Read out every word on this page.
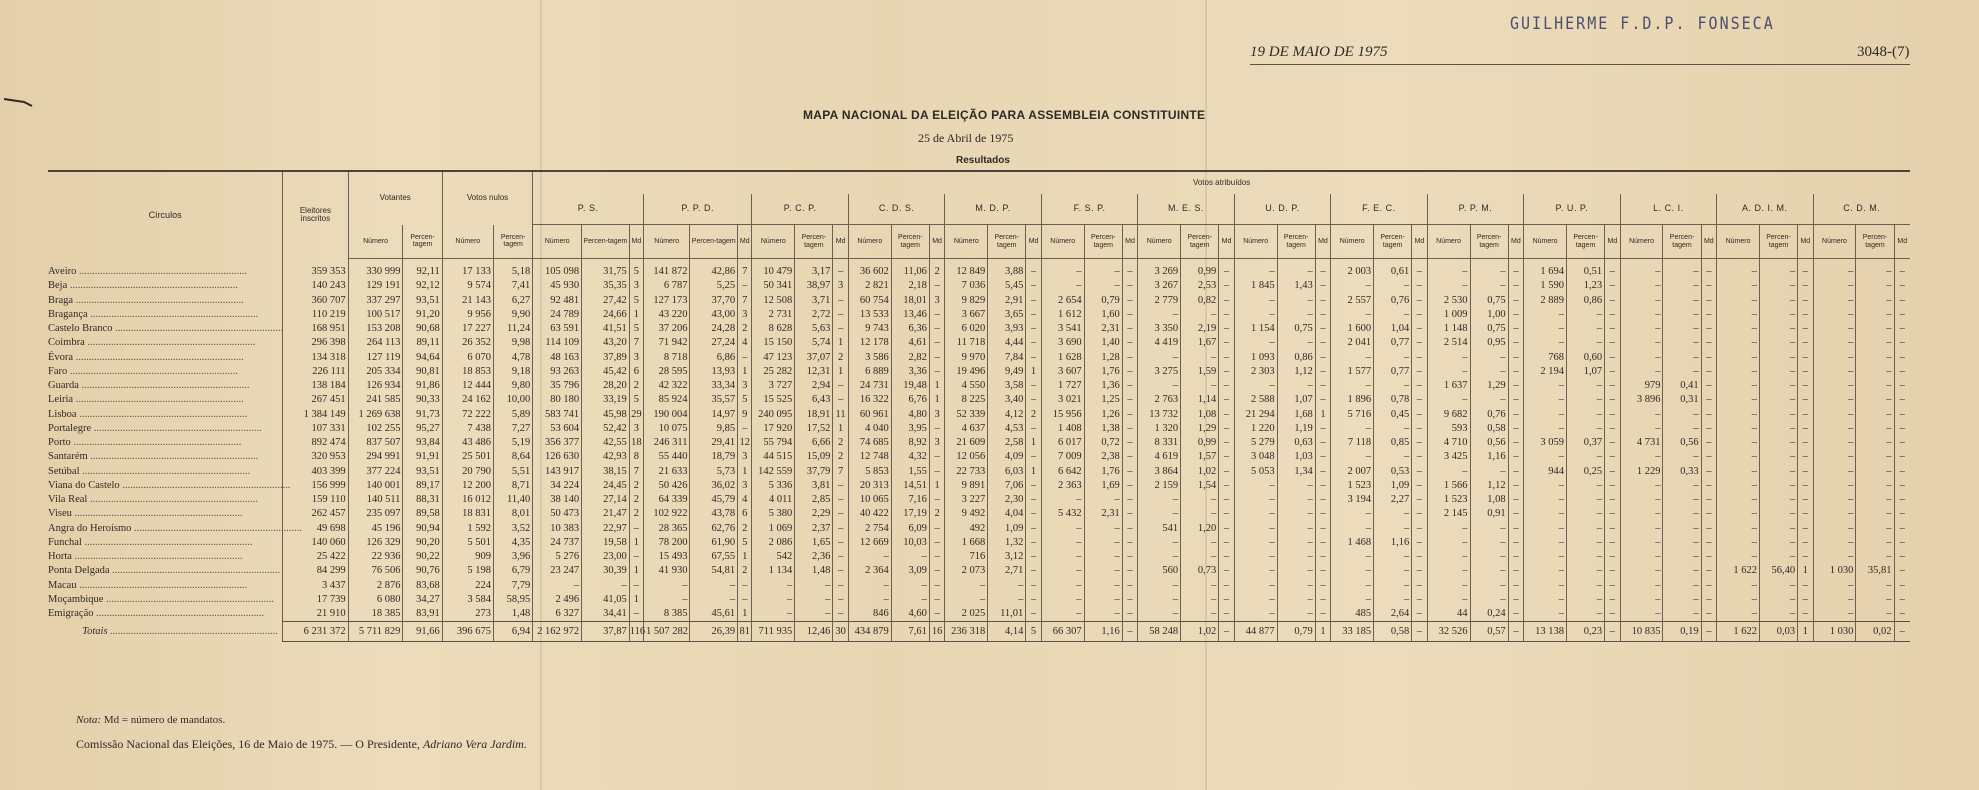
GUILHERME F.D.P. FONSECA
19 DE MAIO DE 1975	3048-(7)
MAPA NACIONAL DA ELEIÇÃO PARA ASSEMBLEIA CONSTITUINTE
25 de Abril de 1975
Resultados
Círculos	Eleitores inscritos	Votantes		Votos nulos		Votos atribuídos																																									
						P. S.			P. P. D.			P. C. P.			C. D. S.			M. D. P.			F. S. P.			M. E. S.			U. D. P.			F. E. C.			P. P. M.			P. U. P.			L. C. I.			A. D. I. M.			C. D. M.		
		Número	Percen-tagem	Número	Percen-tagem	Número	Percen-tagem	Md	Número	Percen-tagem	Md	Número	Percen-tagem	Md	Número	Percen-tagem	Md	Número	Percen-tagem	Md	Número	Percen-tagem	Md	Número	Percen-tagem	Md	Número	Percen-tagem	Md	Número	Percen-tagem	Md	Número	Percen-tagem	Md	Número	Percen-tagem	Md	Número	Percen-tagem	Md	Número	Percen-tagem	Md	Número	Percen-tagem	Md
Aveiro ................................................................	359 353	330 999	92,11	17 133	5,18	105 098	31,75	5	141 872	42,86	7	10 479	3,17	–	36 602	11,06	2	12 849	3,88	–	–	–	–	3 269	0,99	–	–	–	–	2 003	0,61	–	–	–	–	1 694	0,51	–	–	–	–	–	–	–	–	–	–
Beja ................................................................	140 243	129 191	92,12	9 574	7,41	45 930	35,35	3	6 787	5,25	–	50 341	38,97	3	2 821	2,18	–	7 036	5,45	–	–	–	–	3 267	2,53	–	1 845	1,43	–	–	–	–	–	–	–	1 590	1,23	–	–	–	–	–	–	–	–	–	–
Braga ................................................................	360 707	337 297	93,51	21 143	6,27	92 481	27,42	5	127 173	37,70	7	12 508	3,71	–	60 754	18,01	3	9 829	2,91	–	2 654	0,79	–	2 779	0,82	–	–	–	–	2 557	0,76	–	2 530	0,75	–	2 889	0,86	–	–	–	–	–	–	–	–	–	–
Bragança ................................................................	110 219	100 517	91,20	9 956	9,90	24 789	24,66	1	43 220	43,00	3	2 731	2,72	–	13 533	13,46	–	3 667	3,65	–	1 612	1,60	–	–	–	–	–	–	–	–	–	–	1 009	1,00	–	–	–	–	–	–	–	–	–	–	–	–	–
Castelo Branco ................................................................	168 951	153 208	90,68	17 227	11,24	63 591	41,51	5	37 206	24,28	2	8 628	5,63	–	9 743	6,36	–	6 020	3,93	–	3 541	2,31	–	3 350	2,19	–	1 154	0,75	–	1 600	1,04	–	1 148	0,75	–	–	–	–	–	–	–	–	–	–	–	–	–
Coimbra ................................................................	296 398	264 113	89,11	26 352	9,98	114 109	43,20	7	71 942	27,24	4	15 150	5,74	1	12 178	4,61	–	11 718	4,44	–	3 690	1,40	–	4 419	1,67	–	–	–	–	2 041	0,77	–	2 514	0,95	–	–	–	–	–	–	–	–	–	–	–	–	–
Évora ................................................................	134 318	127 119	94,64	6 070	4,78	48 163	37,89	3	8 718	6,86	–	47 123	37,07	2	3 586	2,82	–	9 970	7,84	–	1 628	1,28	–	–	–	–	1 093	0,86	–	–	–	–	–	–	–	768	0,60	–	–	–	–	–	–	–	–	–	–
Faro ................................................................	226 111	205 334	90,81	18 853	9,18	93 263	45,42	6	28 595	13,93	1	25 282	12,31	1	6 889	3,36	–	19 496	9,49	1	3 607	1,76	–	3 275	1,59	–	2 303	1,12	–	1 577	0,77	–	–	–	–	2 194	1,07	–	–	–	–	–	–	–	–	–	–
Guarda ................................................................	138 184	126 934	91,86	12 444	9,80	35 796	28,20	2	42 322	33,34	3	3 727	2,94	–	24 731	19,48	1	4 550	3,58	–	1 727	1,36	–	–	–	–	–	–	–	–	–	–	1 637	1,29	–	–	–	–	979	0,41	–	–	–	–	–	–	–
Leiria ................................................................	267 451	241 585	90,33	24 162	10,00	80 180	33,19	5	85 924	35,57	5	15 525	6,43	–	16 322	6,76	1	8 225	3,40	–	3 021	1,25	–	2 763	1,14	–	2 588	1,07	–	1 896	0,78	–	–	–	–	–	–	–	3 896	0,31	–	–	–	–	–	–	–
Lisboa ................................................................	1 384 149	1 269 638	91,73	72 222	5,89	583 741	45,98	29	190 004	14,97	9	240 095	18,91	11	60 961	4,80	3	52 339	4,12	2	15 956	1,26	–	13 732	1,08	–	21 294	1,68	1	5 716	0,45	–	9 682	0,76	–	–	–	–	–	–	–	–	–	–	–	–	–
Portalegre ................................................................	107 331	102 255	95,27	7 438	7,27	53 604	52,42	3	10 075	9,85	–	17 920	17,52	1	4 040	3,95	–	4 637	4,53	–	1 408	1,38	–	1 320	1,29	–	1 220	1,19	–	–	–	–	593	0,58	–	–	–	–	–	–	–	–	–	–	–	–	–
Porto ................................................................	892 474	837 507	93,84	43 486	5,19	356 377	42,55	18	246 311	29,41	12	55 794	6,66	2	74 685	8,92	3	21 609	2,58	1	6 017	0,72	–	8 331	0,99	–	5 279	0,63	–	7 118	0,85	–	4 710	0,56	–	3 059	0,37	–	4 731	0,56	–	–	–	–	–	–	–
Santarém ................................................................	320 953	294 991	91,91	25 501	8,64	126 630	42,93	8	55 440	18,79	3	44 515	15,09	2	12 748	4,32	–	12 056	4,09	–	7 009	2,38	–	4 619	1,57	–	3 048	1,03	–	–	–	–	3 425	1,16	–	–	–	–	–	–	–	–	–	–	–	–	–
Setúbal ................................................................	403 399	377 224	93,51	20 790	5,51	143 917	38,15	7	21 633	5,73	1	142 559	37,79	7	5 853	1,55	–	22 733	6,03	1	6 642	1,76	–	3 864	1,02	–	5 053	1,34	–	2 007	0,53	–	–	–	–	944	0,25	–	1 229	0,33	–	–	–	–	–	–	–
Viana do Castelo ................................................................	156 999	140 001	89,17	12 200	8,71	34 224	24,45	2	50 426	36,02	3	5 336	3,81	–	20 313	14,51	1	9 891	7,06	–	2 363	1,69	–	2 159	1,54	–	–	–	–	1 523	1,09	–	1 566	1,12	–	–	–	–	–	–	–	–	–	–	–	–	–
Vila Real ................................................................	159 110	140 511	88,31	16 012	11,40	38 140	27,14	2	64 339	45,79	4	4 011	2,85	–	10 065	7,16	–	3 227	2,30	–	–	–	–	–	–	–	–	–	–	3 194	2,27	–	1 523	1,08	–	–	–	–	–	–	–	–	–	–	–	–	–
Viseu ................................................................	262 457	235 097	89,58	18 831	8,01	50 473	21,47	2	102 922	43,78	6	5 380	2,29	–	40 422	17,19	2	9 492	4,04	–	5 432	2,31	–	–	–	–	–	–	–	–	–	–	2 145	0,91	–	–	–	–	–	–	–	–	–	–	–	–	–
Angra do Heroísmo ................................................................	49 698	45 196	90,94	1 592	3,52	10 383	22,97	–	28 365	62,76	2	1 069	2,37	–	2 754	6,09	–	492	1,09	–	–	–	–	541	1,20	–	–	–	–	–	–	–	–	–	–	–	–	–	–	–	–	–	–	–	–	–	–
Funchal ................................................................	140 060	126 329	90,20	5 501	4,35	24 737	19,58	1	78 200	61,90	5	2 086	1,65	–	12 669	10,03	–	1 668	1,32	–	–	–	–	–	–	–	–	–	–	1 468	1,16	–	–	–	–	–	–	–	–	–	–	–	–	–	–	–	–
Horta ................................................................	25 422	22 936	90,22	909	3,96	5 276	23,00	–	15 493	67,55	1	542	2,36	–	–	–	–	716	3,12	–	–	–	–	–	–	–	–	–	–	–	–	–	–	–	–	–	–	–	–	–	–	–	–	–	–	–	–
Ponta Delgada ................................................................	84 299	76 506	90,76	5 198	6,79	23 247	30,39	1	41 930	54,81	2	1 134	1,48	–	2 364	3,09	–	2 073	2,71	–	–	–	–	560	0,73	–	–	–	–	–	–	–	–	–	–	–	–	–	–	–	–	1 622	56,40	1	1 030	35,81	–
Macau ................................................................	3 437	2 876	83,68	224	7,79	–	–	–	–	–	–	–	–	–	–	–	–	–	–	–	–	–	–	–	–	–	–	–	–	–	–	–	–	–	–	–	–	–	–	–	–	–	–	–	–	–	–
Moçambique ................................................................	17 739	6 080	34,27	3 584	58,95	2 496	41,05	1	–	–	–	–	–	–	–	–	–	–	–	–	–	–	–	–	–	–	–	–	–	–	–	–	–	–	–	–	–	–	–	–	–	–	–	–	–	–	–
Emigração ................................................................	21 910	18 385	83,91	273	1,48	6 327	34,41	–	8 385	45,61	1	–	–	–	846	4,60	–	2 025	11,01	–	–	–	–	–	–	–	–	–	–	485	2,64	–	44	0,24	–	–	–	–	–	–	–	–	–	–	–	–	–
Totais ................................................................	6 231 372	5 711 829	91,66	396 675	6,94	2 162 972	37,87	116	1 507 282	26,39	81	711 935	12,46	30	434 879	7,61	16	236 318	4,14	5	66 307	1,16	–	58 248	1,02	–	44 877	0,79	1	33 185	0,58	–	32 526	0,57	–	13 138	0,23	–	10 835	0,19	–	1 622	0,03	1	1 030	0,02	–
Nota: Md = número de mandatos.
Comissão Nacional das Eleições, 16 de Maio de 1975. — O Presidente, Adriano Vera Jardim.
